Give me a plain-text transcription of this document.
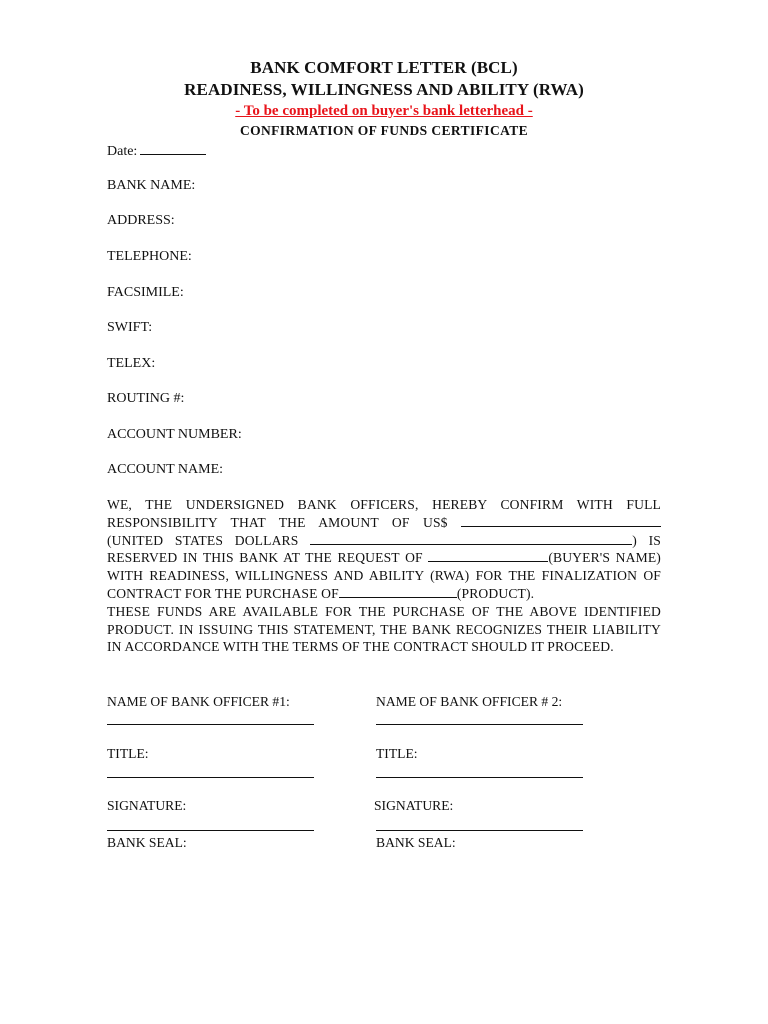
BANK COMFORT LETTER (BCL)
READINESS, WILLINGNESS AND ABILITY (RWA)
- To be completed on buyer's bank letterhead -
CONFIRMATION OF FUNDS CERTIFICATE
Date:
BANK NAME:
ADDRESS:
TELEPHONE:
FACSIMILE:
SWIFT:
TELEX:
ROUTING #:
ACCOUNT NUMBER:
ACCOUNT NAME:

WE, THE UNDERSIGNED BANK OFFICERS, HEREBY CONFIRM WITH FULL RESPONSIBILITY THAT THE AMOUNT OF US$  (UNITED STATES DOLLARS	) IS RESERVED IN THIS BANK AT THE REQUEST OF	(BUYER'S NAME) WITH READINESS, WILLINGNESS AND ABILITY (RWA) FOR THE FINALIZATION OF CONTRACT FOR THE PURCHASE OF	(PRODUCT).

THESE FUNDS ARE AVAILABLE FOR THE PURCHASE OF THE ABOVE IDENTIFIED PRODUCT. IN ISSUING THIS STATEMENT, THE BANK RECOGNIZES THEIR LIABILITY IN ACCORDANCE WITH THE TERMS OF THE CONTRACT SHOULD IT PROCEED.

NAME OF BANK OFFICER #1:
TITLE:
SIGNATURE:
BANK SEAL:
NAME OF BANK OFFICER # 2:
TITLE:
SIGNATURE:
BANK SEAL:
